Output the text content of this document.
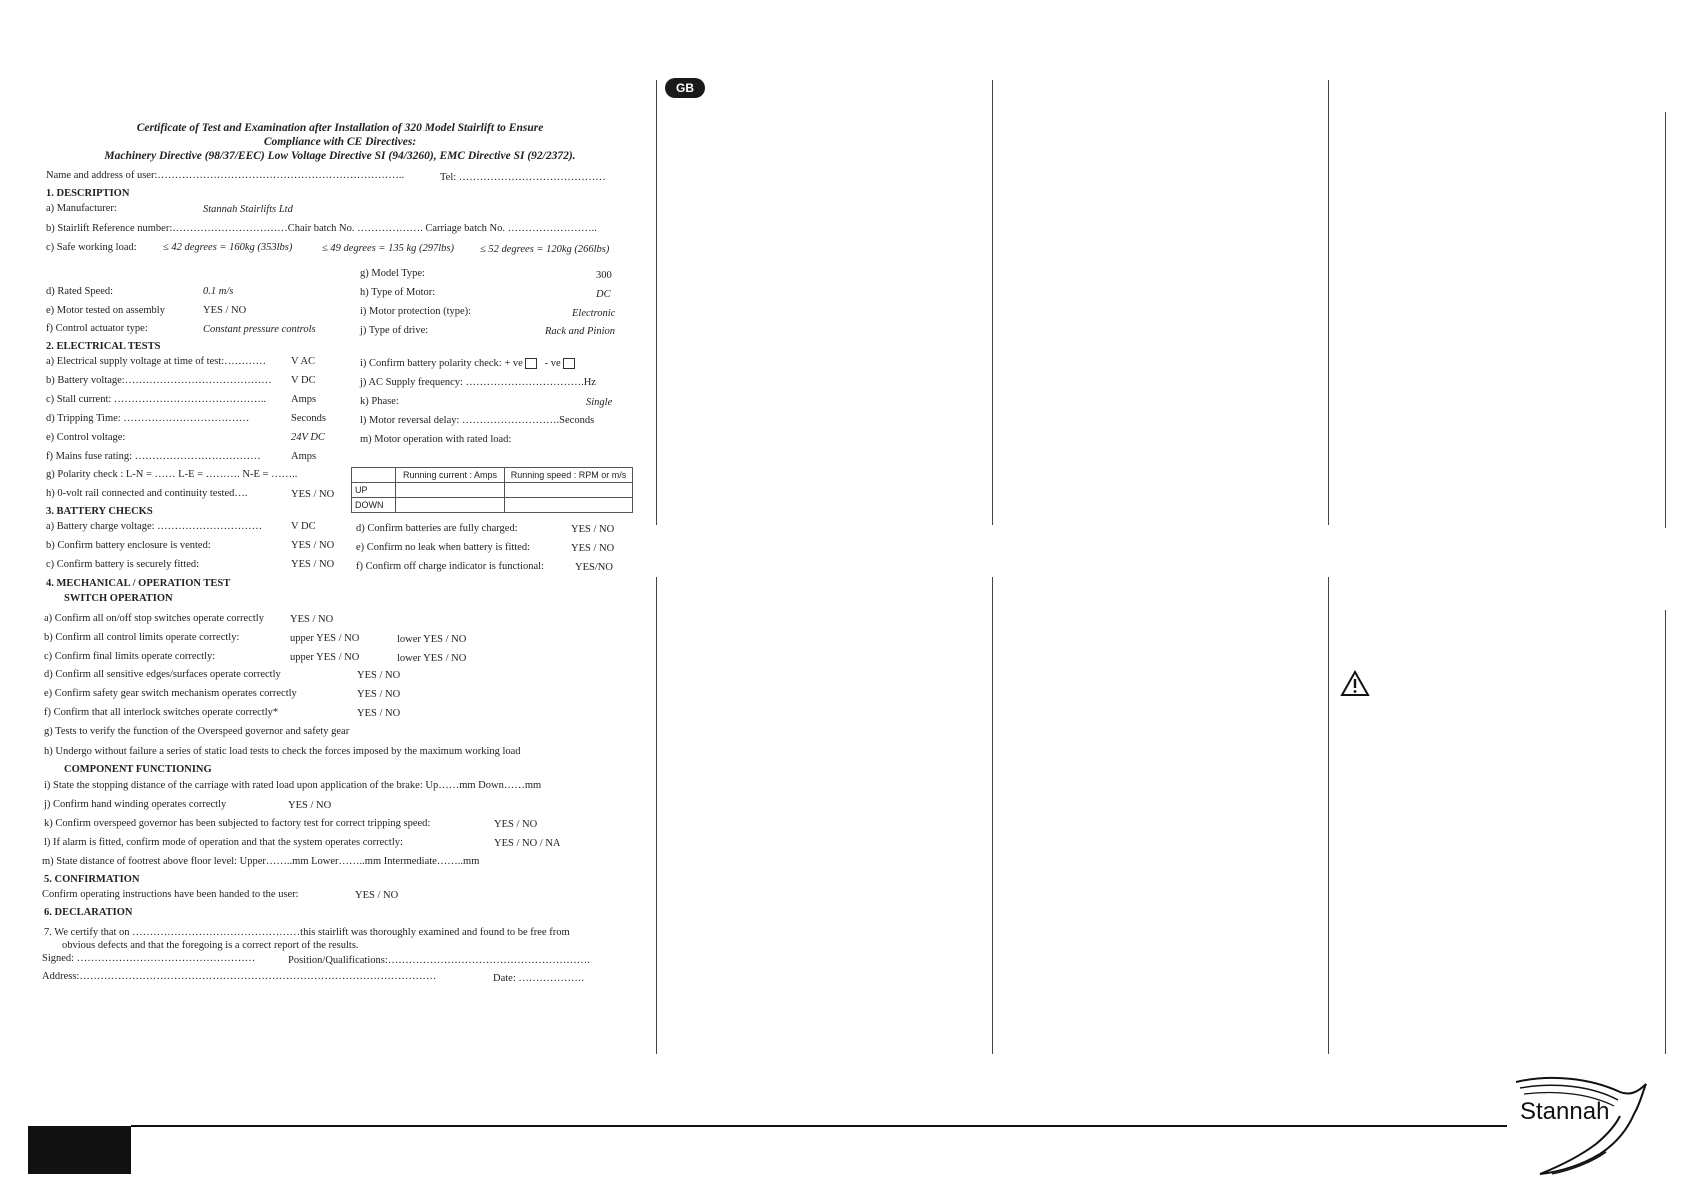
GB
Certificate of Test and Examination after Installation of 320 Model Stairlift to Ensure
Compliance with CE Directives:
Machinery Directive (98/37/EEC) Low Voltage Directive SI (94/3260), EMC Directive SI (92/2372).
Name and address of user:……………………………………………………………..	Tel: ……………………………………
1. DESCRIPTION
a) Manufacturer:	Stannah Stairlifts Ltd
b) Stairlift Reference number:……………………………Chair batch No. ………………. Carriage batch No. ……………………..
c) Safe working load:	≤ 42 degrees = 160kg (353lbs)	≤ 49 degrees = 135 kg (297lbs) ≤ 52 degrees = 120kg (266lbs)
g) Model Type:	300
d) Rated Speed:	0.1 m/s	h) Type of Motor:	DC
e) Motor tested on assembly	YES / NO	i) Motor protection (type):	Electronic
f) Control actuator type:	Constant pressure controls	j) Type of drive:	Rack and Pinion
2. ELECTRICAL TESTS
a) Electrical supply voltage at time of test:………… V AC	i) Confirm battery polarity check: + ve - ve
b) Battery voltage:…………………………………… V DC	j) AC Supply frequency: …………………………….Hz
c) Stall current: …………………………………….. Amps	k) Phase:	Single
d) Tripping Time: ………………………………	Seconds	l) Motor reversal delay: ……………………….Seconds
e) Control voltage:	24V DC	m) Motor operation with rated load:
f) Mains fuse rating: ………………………………	Amps
g) Polarity check : L-N = …… L-E = ………. N-E = ……..
h) 0-volt rail connected and continuity tested….	YES / NO
	Running current : Amps	Running speed : RPM or m/s
UP		
DOWN		
3. BATTERY CHECKS
a) Battery charge voltage: …………………………	V DC	d) Confirm batteries are fully charged:	YES / NO
b) Confirm battery enclosure is vented:	YES / NO e) Confirm no leak when battery is fitted:	YES / NO
c) Confirm battery is securely fitted:	YES / NO f) Confirm off charge indicator is functional:	YES/NO
4. MECHANICAL / OPERATION TEST
SWITCH OPERATION
a) Confirm all on/off stop switches operate correctly YES / NO
b) Confirm all control limits operate correctly:	upper YES / NO	lower YES / NO
c) Confirm final limits operate correctly:	upper YES / NO	lower YES / NO
d) Confirm all sensitive edges/surfaces operate correctly	YES / NO
e) Confirm safety gear switch mechanism operates correctly	YES / NO
f) Confirm that all interlock switches operate correctly*	YES / NO
g) Tests to verify the function of the Overspeed governor and safety gear
h) Undergo without failure a series of static load tests to check the forces imposed by the maximum working load
COMPONENT FUNCTIONING
i) State the stopping distance of the carriage with rated load upon application of the brake: Up……mm Down……mm
j) Confirm hand winding operates correctly	YES / NO
k) Confirm overspeed governor has been subjected to factory test for correct tripping speed:	YES / NO
l) If alarm is fitted, confirm mode of operation and that the system operates correctly:	YES / NO / NA
m) State distance of footrest above floor level: Upper……..mm Lower……..mm Intermediate……..mm
5. CONFIRMATION
Confirm operating instructions have been handed to the user:	YES / NO
6. DECLARATION
7. We certify that on …………………………………………this stairlift was thoroughly examined and found to be free from
obvious defects and that the foregoing is a correct report of the results.
Signed: ……………………………………………	Position/Qualifications:………………………………………………….
Address:…………………………………………………………………………………………	Date: ……………….
Stannah
